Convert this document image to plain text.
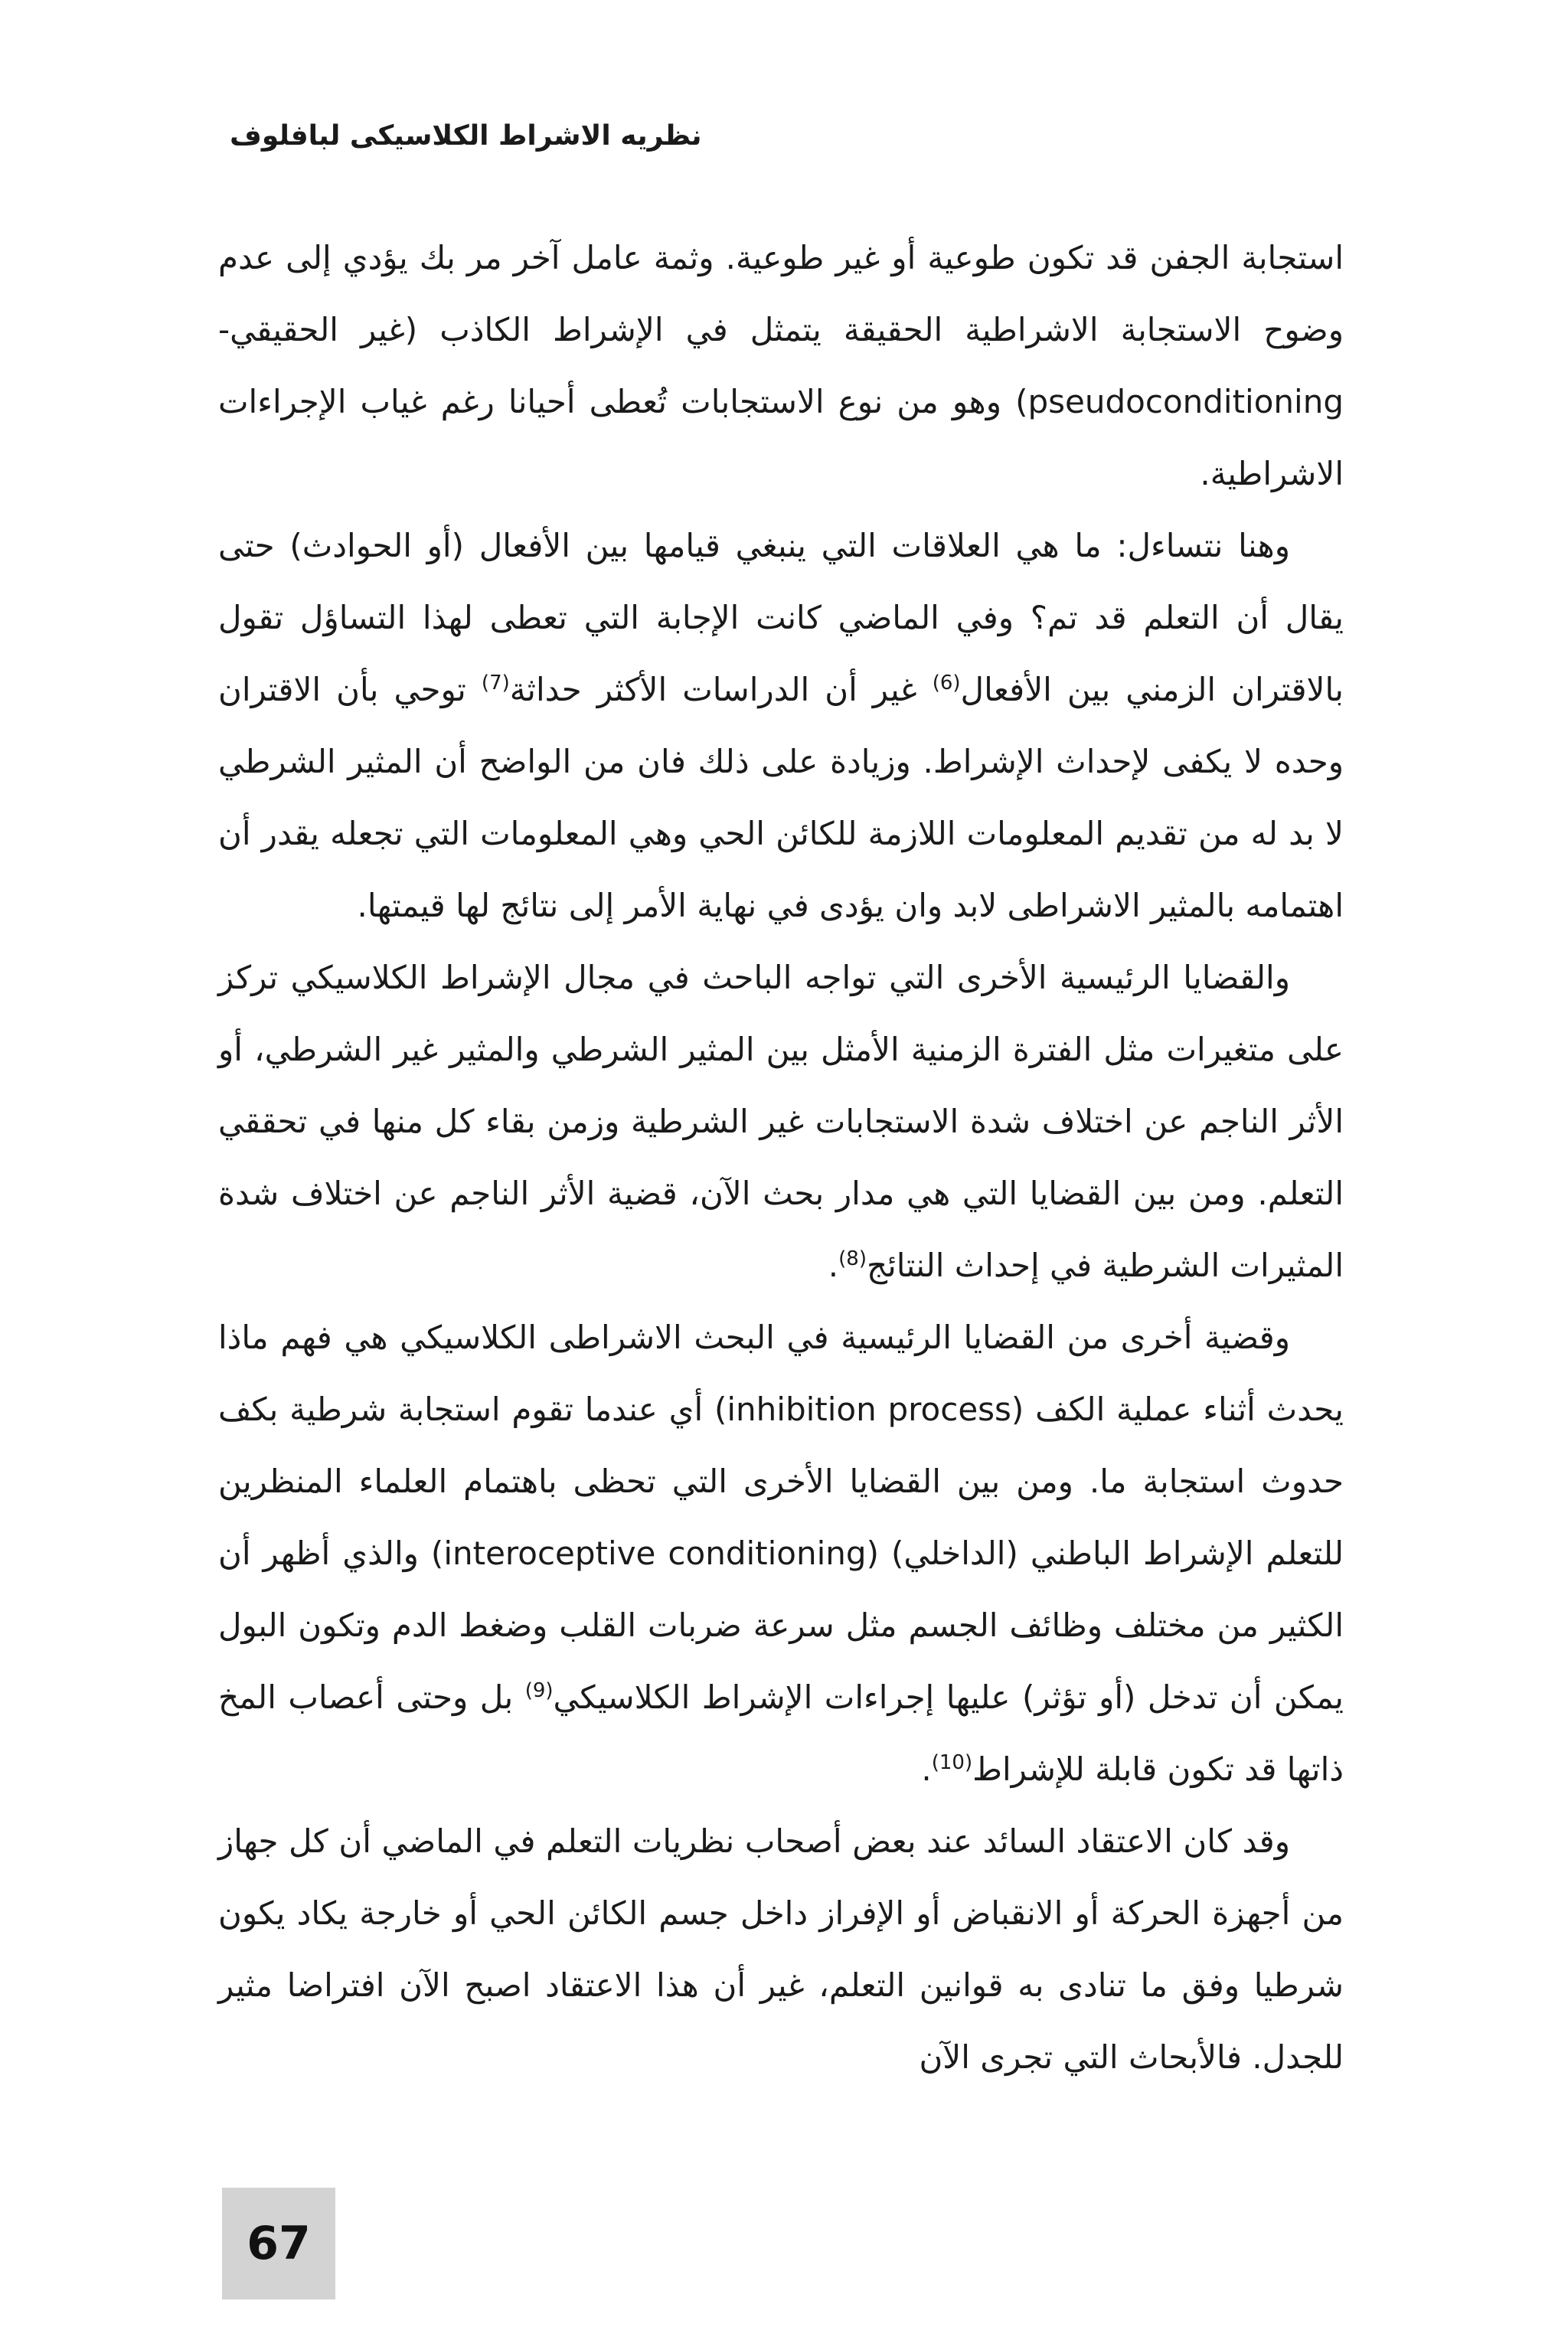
نظريه الاشراط الكلاسيكى لبافلوف

استجابة الجفن قد تكون طوعية أو غير طوعية. وثمة عامل آخر مر بك يؤدي إلى عدم وضوح الاستجابة الاشراطية الحقيقة يتمثل في الإشراط الكاذب (غير الحقيقي-pseudoconditioning) وهو من نوع الاستجابات تُعطى أحيانا رغم غياب الإجراءات الاشراطية.

وهنا نتساءل: ما هي العلاقات التي ينبغي قيامها بين الأفعال (أو الحوادث) حتى يقال أن التعلم قد تم؟ وفي الماضي كانت الإجابة التي تعطى لهذا التساؤل تقول بالاقتران الزمني بين الأفعال$^{(6)}$ غير أن الدراسات الأكثر حداثة$^{(7)}$ توحي بأن الاقتران وحده لا يكفى لإحداث الإشراط. وزيادة على ذلك فان من الواضح أن المثير الشرطي لا بد له من تقديم المعلومات اللازمة للكائن الحي وهي المعلومات التي تجعله يقدر أن اهتمامه بالمثير الاشراطى لابد وان يؤدى في نهاية الأمر إلى نتائج لها قيمتها.

والقضايا الرئيسية الأخرى التي تواجه الباحث في مجال الإشراط الكلاسيكي تركز على متغيرات مثل الفترة الزمنية الأمثل بين المثير الشرطي والمثير غير الشرطي، أو الأثر الناجم عن اختلاف شدة الاستجابات غير الشرطية وزمن بقاء كل منها في تحققي التعلم. ومن بين القضايا التي هي مدار بحث الآن، قضية الأثر الناجم عن اختلاف شدة المثيرات الشرطية في إحداث النتائج$^{(8)}$.

وقضية أخرى من القضايا الرئيسية في البحث الاشراطى الكلاسيكي هي فهم ماذا يحدث أثناء عملية الكف (inhibition process) أي عندما تقوم استجابة شرطية بكف حدوث استجابة ما. ومن بين القضايا الأخرى التي تحظى باهتمام العلماء المنظرين للتعلم الإشراط الباطني (الداخلي) (interoceptive conditioning) والذي أظهر أن الكثير من مختلف وظائف الجسم مثل سرعة ضربات القلب وضغط الدم وتكون البول يمكن أن تدخل (أو تؤثر) عليها إجراءات الإشراط الكلاسيكي$^{(9)}$ بل وحتى أعصاب المخ ذاتها قد تكون قابلة للإشراط$^{(10)}$.

وقد كان الاعتقاد السائد عند بعض أصحاب نظريات التعلم في الماضي أن كل جهاز من أجهزة الحركة أو الانقباض أو الإفراز داخل جسم الكائن الحي أو خارجة يكاد يكون شرطيا وفق ما تنادى به قوانين التعلم، غير أن هذا الاعتقاد اصبح الآن افتراضا مثير للجدل. فالأبحاث التي تجرى الآن

67
